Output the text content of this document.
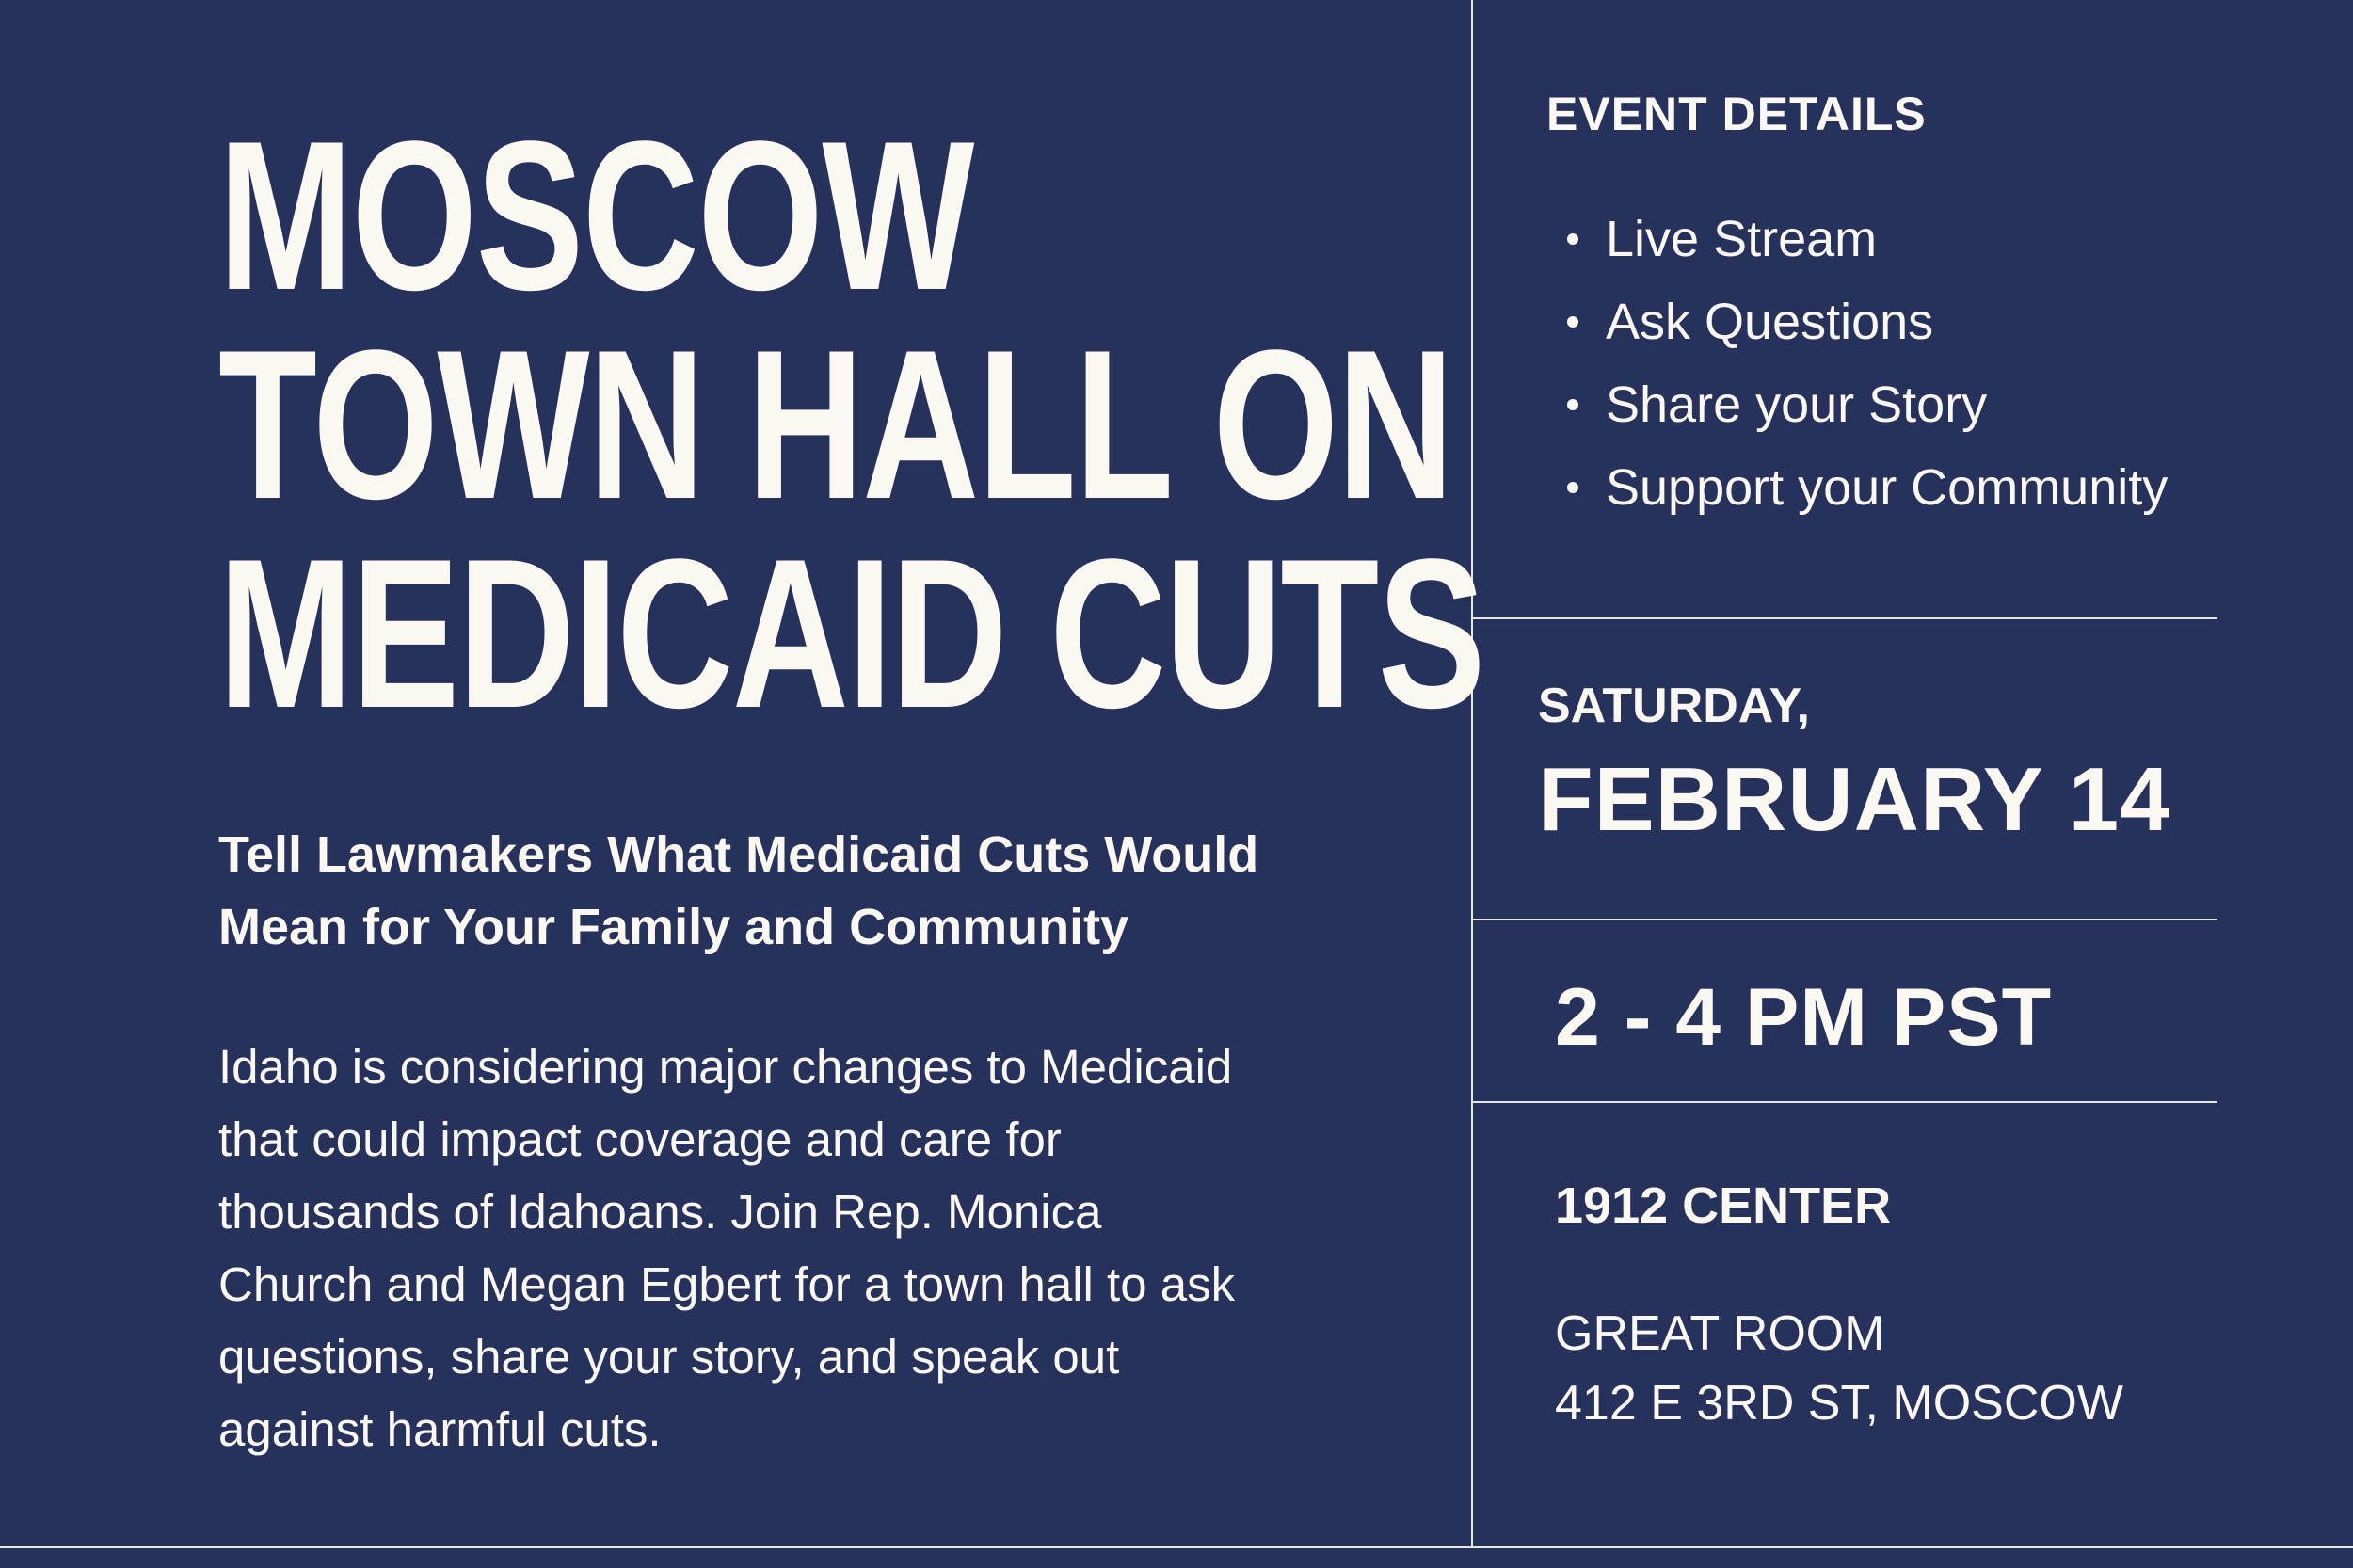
MOSCOW
TOWN HALL ON
MEDICAID CUTS
Tell Lawmakers What Medicaid Cuts Would
Mean for Your Family and Community

Idaho is considering major changes to Medicaid
that could impact coverage and care for
thousands of Idahoans. Join Rep. Monica
Church and Megan Egbert for a town hall to ask
questions, share your story, and speak out
against harmful cuts.

EVENT DETAILS
Live Stream
Ask Questions
Share your Story
Support your Community
SATURDAY,
FEBRUARY 14
2 - 4 PM PST
1912 CENTER
GREAT ROOM
412 E 3RD ST, MOSCOW
